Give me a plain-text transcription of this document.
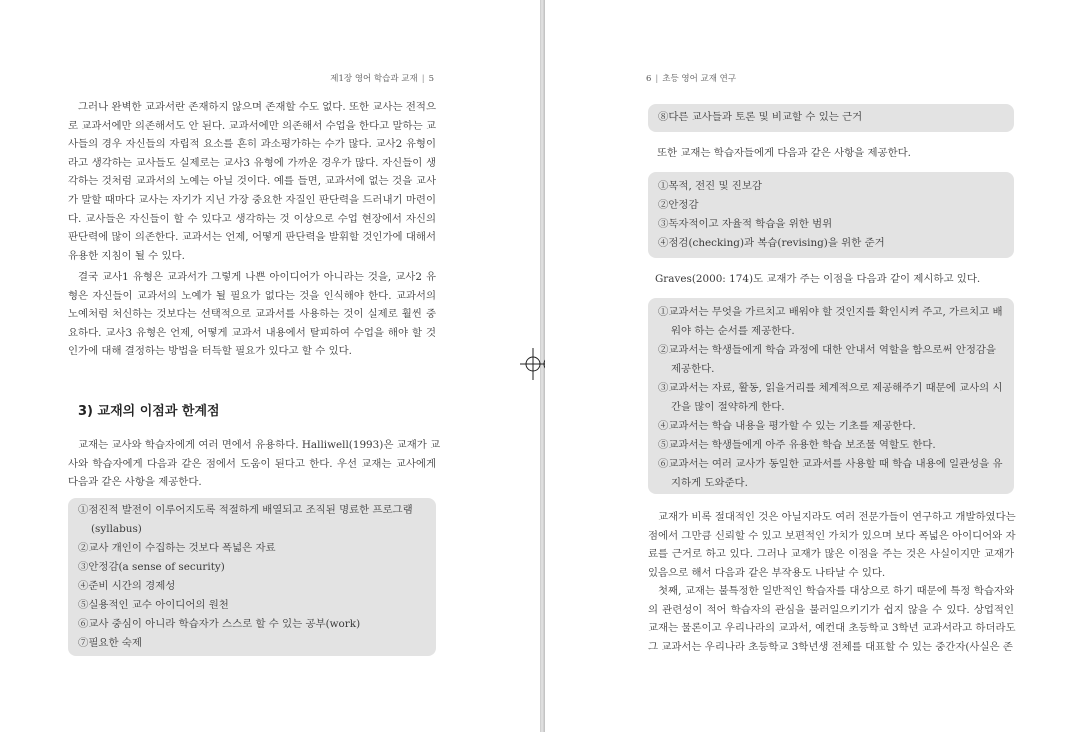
제1장 영어 학습과 교재 | 5
그러나 완벽한 교과서란 존재하지 않으며 존재할 수도 없다. 또한 교사는 전적으
로 교과서에만 의존해서도 안 된다. 교과서에만 의존해서 수업을 한다고 말하는 교
사들의 경우 자신들의 자립적 요소를 흔히 과소평가하는 수가 많다. 교사2 유형이
라고 생각하는 교사들도 실제로는 교사3 유형에 가까운 경우가 많다. 자신들이 생
각하는 것처럼 교과서의 노예는 아닐 것이다. 예를 들면, 교과서에 없는 것을 교사
가 말할 때마다 교사는 자기가 지닌 가장 중요한 자질인 판단력을 드러내기 마련이
다. 교사들은 자신들이 할 수 있다고 생각하는 것 이상으로 수업 현장에서 자신의
판단력에 많이 의존한다. 교과서는 언제, 어떻게 판단력을 발휘할 것인가에 대해서
유용한 지침이 될 수 있다.
결국 교사1 유형은 교과서가 그렇게 나쁜 아이디어가 아니라는 것을, 교사2 유
형은 자신들이 교과서의 노예가 될 필요가 없다는 것을 인식해야 한다. 교과서의
노예처럼 처신하는 것보다는 선택적으로 교과서를 사용하는 것이 실제로 훨씬 중
요하다. 교사3 유형은 언제, 어떻게 교과서 내용에서 탈피하여 수업을 해야 할 것
인가에 대해 결정하는 방법을 터득할 필요가 있다고 할 수 있다.
3) 교재의 이점과 한계점
교재는 교사와 학습자에게 여러 면에서 유용하다. Halliwell(1993)은 교재가 교
사와 학습자에게 다음과 같은 점에서 도움이 된다고 한다. 우선 교재는 교사에게
다음과 같은 사항을 제공한다.
①점진적 발전이 이루어지도록 적절하게 배열되고 조직된 명료한 프로그램
(syllabus)
②교사 개인이 수집하는 것보다 폭넓은 자료
③안정감(a sense of security)
④준비 시간의 경제성
⑤실용적인 교수 아이디어의 원천
⑥교사 중심이 아니라 학습자가 스스로 할 수 있는 공부(work)
⑦필요한 숙제
6 | 초등 영어 교재 연구
⑧다른 교사들과 토론 및 비교할 수 있는 근거
또한 교재는 학습자들에게 다음과 같은 사항을 제공한다.
①목적, 전진 및 진보감
②안정감
③독자적이고 자율적 학습을 위한 범위
④점검(checking)과 복습(revising)을 위한 준거
Graves(2000: 174)도 교재가 주는 이점을 다음과 같이 제시하고 있다.
①교과서는 무엇을 가르치고 배워야 할 것인지를 확인시켜 주고, 가르치고 배
워야 하는 순서를 제공한다.
②교과서는 학생들에게 학습 과정에 대한 안내서 역할을 함으로써 안정감을
제공한다.
③교과서는 자료, 활동, 읽을거리를 체계적으로 제공해주기 때문에 교사의 시
간을 많이 절약하게 한다.
④교과서는 학습 내용을 평가할 수 있는 기초를 제공한다.
⑤교과서는 학생들에게 아주 유용한 학습 보조물 역할도 한다.
⑥교과서는 여러 교사가 동일한 교과서를 사용할 때 학습 내용에 일관성을 유
지하게 도와준다.
교재가 비록 절대적인 것은 아닐지라도 여러 전문가들이 연구하고 개발하였다는
점에서 그만큼 신뢰할 수 있고 보편적인 가치가 있으며 보다 폭넓은 아이디어와 자
료를 근거로 하고 있다. 그러나 교재가 많은 이점을 주는 것은 사실이지만 교재가
있음으로 해서 다음과 같은 부작용도 나타날 수 있다.
첫째, 교재는 불특정한 일반적인 학습자를 대상으로 하기 때문에 특정 학습자와
의 관련성이 적어 학습자의 관심을 불러일으키기가 쉽지 않을 수 있다. 상업적인
교재는 물론이고 우리나라의 교과서, 예컨대 초등학교 3학년 교과서라고 하더라도
그 교과서는 우리나라 초등학교 3학년생 전체를 대표할 수 있는 중간자(사실은 존
